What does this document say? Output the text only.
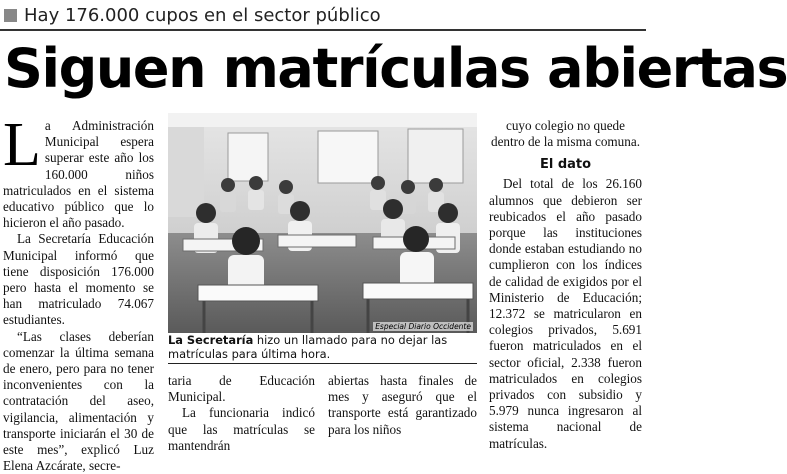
Hay 176.000 cupos en el sector público
Siguen matrículas abiertas

La Administración Municipal espera superar este año los 160.000 niños matriculados en el sistema educativo público que lo hicieron el año pasado.

La Secretaría Educación Municipal informó que tiene disposición 176.000 pero hasta el momento se han matriculado 74.067 estudiantes.

“Las clases deberían comenzar la última semana de enero, pero para no tener inconvenientes con la contratación del aseo, vigilancia, alimentación y transporte iniciarán el 30 de este mes”, explicó Luz Elena Azcárate, secre-

Especial Diario Occidente
La Secretaría hizo un llamado para no dejar las matrículas para última hora.

taria de Educación Municipal.

La funcionaria indicó que las matrículas se mantendrán

abiertas hasta finales de mes y aseguró que el transporte está garantizado para los niños

cuyo colegio no quede dentro de la misma comuna.

El dato

Del total de los 26.160 alumnos que debieron ser reubicados el año pasado porque las instituciones donde estaban estudiando no cumplieron con los índices de calidad de exigidos por el Ministerio de Educación; 12.372 se matricularon en colegios privados, 5.691 fueron matriculados en el sector oficial, 2.338 fueron matriculados en colegios privados con subsidio y 5.979 nunca ingresaron al sistema nacional de matrículas.
